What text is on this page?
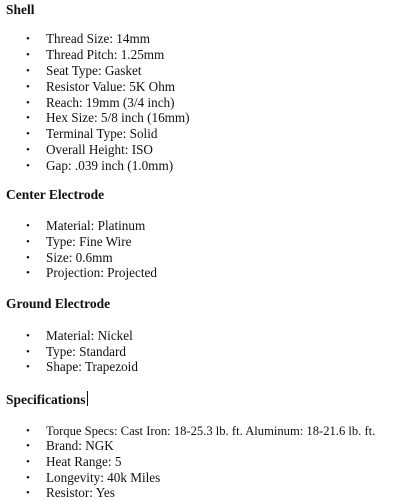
Shell
• Thread Size: 14mm
• Thread Pitch: 1.25mm
• Seat Type: Gasket
• Resistor Value: 5K Ohm
• Reach: 19mm (3/4 inch)
• Hex Size: 5/8 inch (16mm)
• Terminal Type: Solid
• Overall Height: ISO
• Gap: .039 inch (1.0mm)
Center Electrode
• Material: Platinum
• Type: Fine Wire
• Size: 0.6mm
• Projection: Projected
Ground Electrode
• Material: Nickel
• Type: Standard
• Shape: Trapezoid
Specifications
• Torque Specs: Cast Iron: 18-25.3 lb. ft. Aluminum: 18-21.6 lb. ft.
• Brand: NGK
• Heat Range: 5
• Longevity: 40k Miles
• Resistor: Yes
